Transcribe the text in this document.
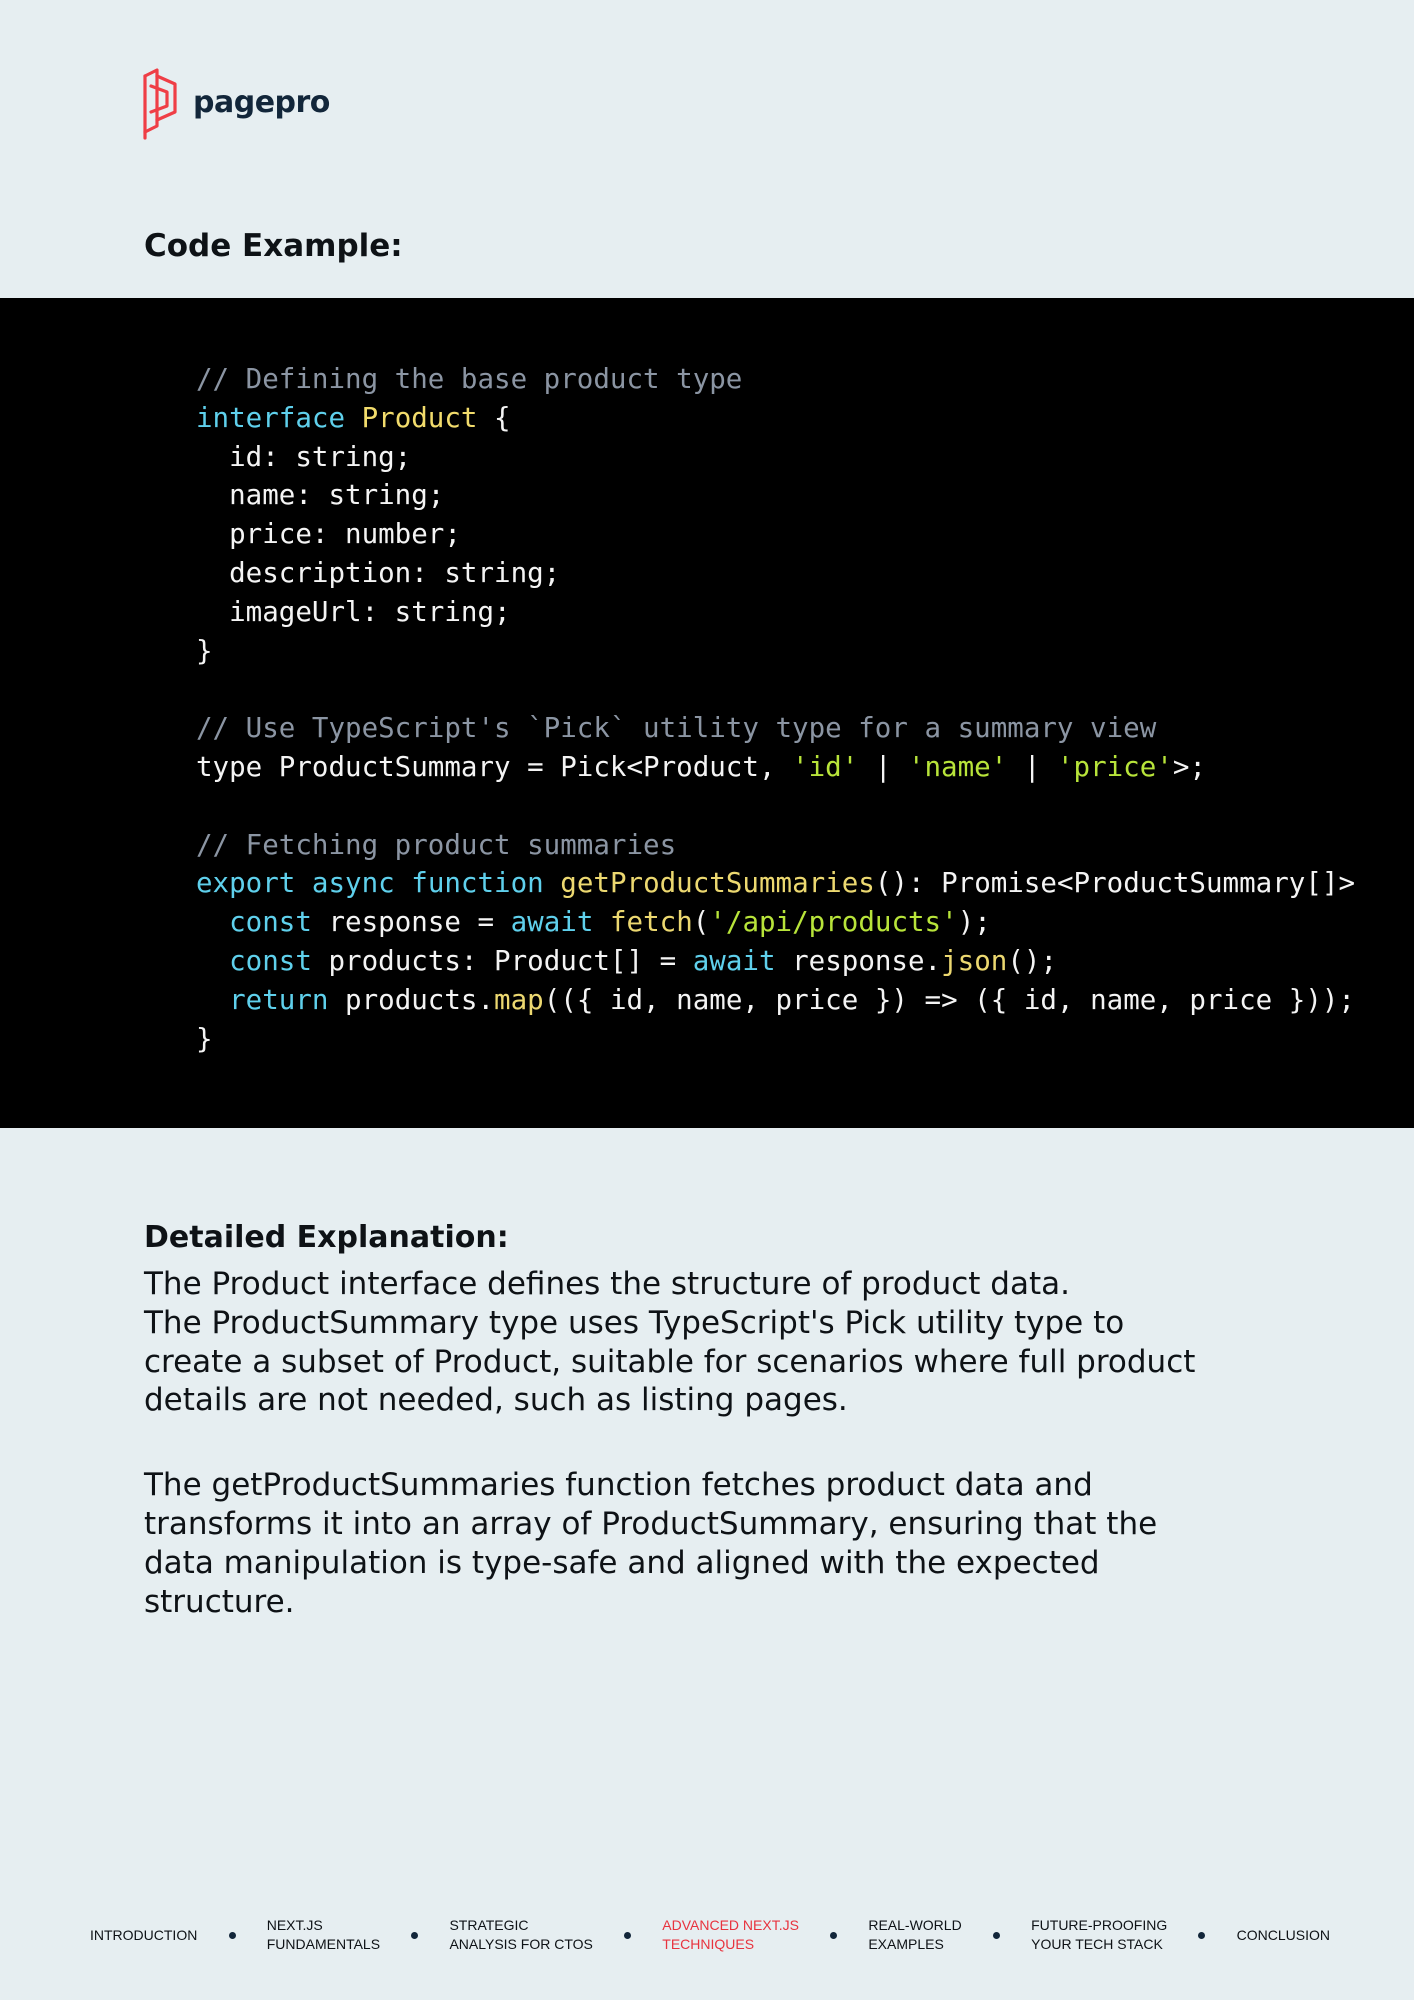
pagepro
Code Example:
// Defining the base product type
interface Product {
id: string;
name: string;
price: number;
description: string;
imageUrl: string;
}

// Use TypeScript's `Pick` utility type for a summary view
type ProductSummary = Pick<Product, 'id' | 'name' | 'price'>;

// Fetching product summaries
export async function getProductSummaries(): Promise<ProductSummary[]>
const response = await fetch('/api/products');
const products: Product[] = await response.json();
return products.map(({ id, name, price }) => ({ id, name, price }));
}
Detailed Explanation:

The Product interface defines the structure of product data.
The ProductSummary type uses TypeScript's Pick utility type to
create a subset of Product, suitable for scenarios where full product
details are not needed, such as listing pages.

The getProductSummaries function fetches product data and
transforms it into an array of ProductSummary, ensuring that the
data manipulation is type-safe and aligned with the expected
structure.

INTRODUCTION
NEXT.JS
FUNDAMENTALS
STRATEGIC
ANALYSIS FOR CTOS
ADVANCED NEXT.JS
TECHNIQUES
REAL-WORLD
EXAMPLES
FUTURE-PROOFING
YOUR TECH STACK
CONCLUSION
